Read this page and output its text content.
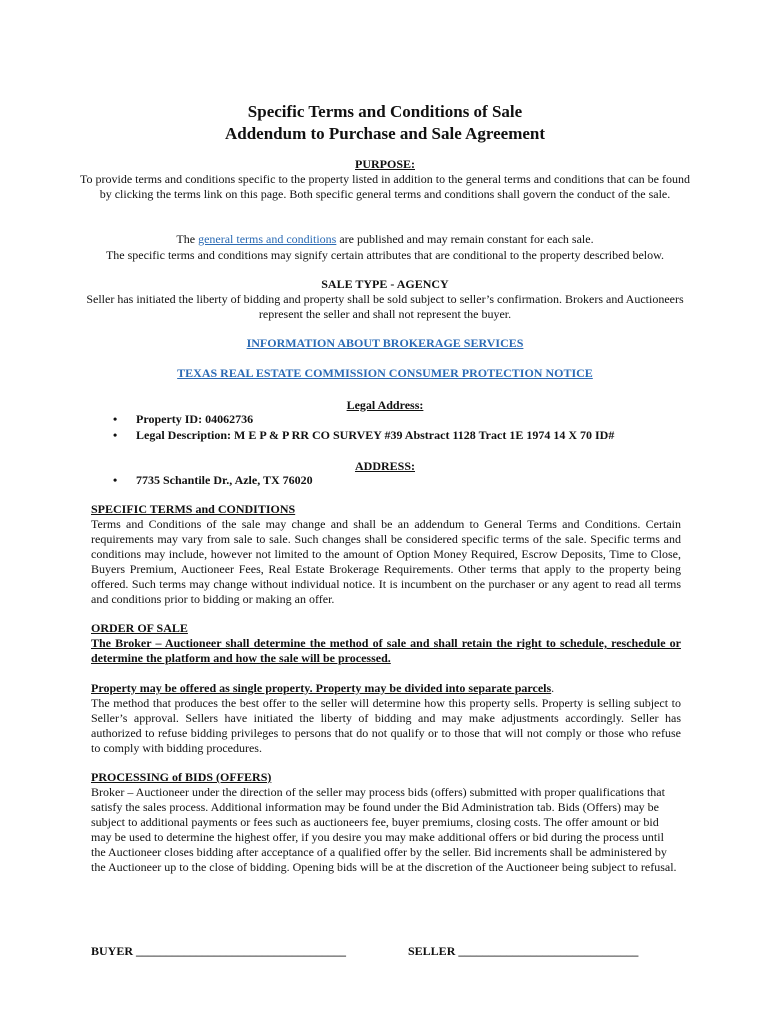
Specific Terms and Conditions of Sale
Addendum to Purchase and Sale Agreement

PURPOSE:

To provide terms and conditions specific to the property listed in addition to the general terms and conditions that can be found by clicking the terms link on this page. Both specific general terms and conditions shall govern the conduct of the sale.

The general terms and conditions are published and may remain constant for each sale.

The specific terms and conditions may signify certain attributes that are conditional to the property described below.

SALE TYPE - AGENCY

Seller has initiated the liberty of bidding and property shall be sold subject to seller’s confirmation. Brokers and Auctioneers represent the seller and shall not represent the buyer.

INFORMATION ABOUT BROKERAGE SERVICES
TEXAS REAL ESTATE COMMISSION CONSUMER PROTECTION NOTICE
Legal Address:
• Property ID: 04062736
• Legal Description: M E P & P RR CO SURVEY #39 Abstract 1128 Tract 1E 1974 14 X 70 ID#
ADDRESS:
• 7735 Schantile Dr., Azle, TX 76020

SPECIFIC TERMS and CONDITIONS

Terms and Conditions of the sale may change and shall be an addendum to General Terms and Conditions. Certain requirements may vary from sale to sale. Such changes shall be considered specific terms of the sale. Specific terms and conditions may include, however not limited to the amount of Option Money Required, Escrow Deposits, Time to Close, Buyers Premium, Auctioneer Fees, Real Estate Brokerage Requirements. Other terms that apply to the property being offered. Such terms may change without individual notice. It is incumbent on the purchaser or any agent to read all terms and conditions prior to bidding or making an offer.

ORDER OF SALE

The Broker – Auctioneer shall determine the method of sale and shall retain the right to schedule, reschedule or determine the platform and how the sale will be processed.

Property may be offered as single property. Property may be divided into separate parcels.

The method that produces the best offer to the seller will determine how this property sells. Property is selling subject to Seller’s approval. Sellers have initiated the liberty of bidding and may make adjustments accordingly. Seller has authorized to refuse bidding privileges to persons that do not qualify or to those that will not comply or those who refuse to comply with bidding procedures.

PROCESSING of BIDS (OFFERS)

Broker – Auctioneer under the direction of the seller may process bids (offers) submitted with proper qualifications that satisfy the sales process. Additional information may be found under the Bid Administration tab. Bids (Offers) may be subject to additional payments or fees such as auctioneers fee, buyer premiums, closing costs. The offer amount or bid may be used to determine the highest offer, if you desire you may make additional offers or bid during the process until the Auctioneer closes bidding after acceptance of a qualified offer by the seller. Bid increments shall be administered by the Auctioneer up to the close of bidding. Opening bids will be at the discretion of the Auctioneer being subject to refusal.

BUYER ___________________________________	SELLER ______________________________
